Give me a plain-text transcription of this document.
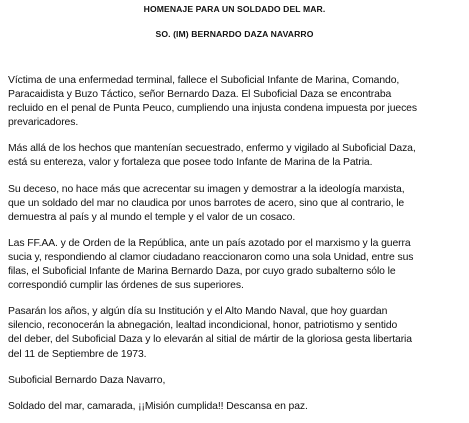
HOMENAJE PARA UN SOLDADO DEL MAR.

SO. (IM) BERNARDO DAZA NAVARRO

Víctima de una enfermedad terminal, fallece el Suboficial Infante de Marina, Comando,
Paracaidista y Buzo Táctico, señor Bernardo Daza. El Suboficial Daza se encontraba
recluido en el penal de Punta Peuco, cumpliendo una injusta condena impuesta por jueces
prevaricadores.

Más allá de los hechos que mantenían secuestrado, enfermo y vigilado al Suboficial Daza,
está su entereza, valor y fortaleza que posee todo Infante de Marina de la Patria.

Su deceso, no hace más que acrecentar su imagen y demostrar a la ideología marxista,
que un soldado del mar no claudica por unos barrotes de acero, sino que al contrario, le
demuestra al país y al mundo el temple y el valor de un cosaco.

Las FF.AA. y de Orden de la República, ante un país azotado por el marxismo y la guerra
sucia y, respondiendo al clamor ciudadano reaccionaron como una sola Unidad, entre sus
filas, el Suboficial Infante de Marina Bernardo Daza, por cuyo grado subalterno sólo le
correspondió cumplir las órdenes de sus superiores.

Pasarán los años, y algún día su Institución y el Alto Mando Naval, que hoy guardan
silencio, reconocerán la abnegación, lealtad incondicional, honor, patriotismo y sentido
del deber, del Suboficial Daza y lo elevarán al sitial de mártir de la gloriosa gesta libertaria
del 11 de Septiembre de 1973.

Suboficial Bernardo Daza Navarro,

Soldado del mar, camarada, ¡¡Misión cumplida!! Descansa en paz.
